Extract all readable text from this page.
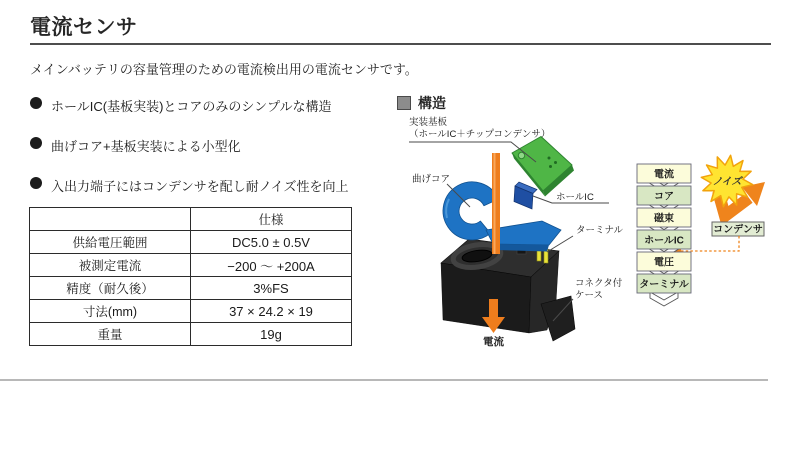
電流センサ
メインバッテリの容量管理のための電流検出用の電流センサです。
ホールIC(基板実装)とコアのみのシンプルな構造
曲げコア+基板実装による小型化
入出力端子にはコンデンサを配し耐ノイズ性を向上
	仕様
供給電圧範囲	DC5.0 ± 0.5V
被測定電流	−200 ～ +200A
精度（耐久後）	3%FS
寸法(mm)	37 × 24.2 × 19
重量	19g
構造
実装基板
（ホールIC＋チップコンデンサ）
曲げコア
ホールIC
ターミナル
コネクタ付
ケース
電流
コンデンサ
ノイズ
電流
コア
磁束
ホールIC
電圧
ターミナル
